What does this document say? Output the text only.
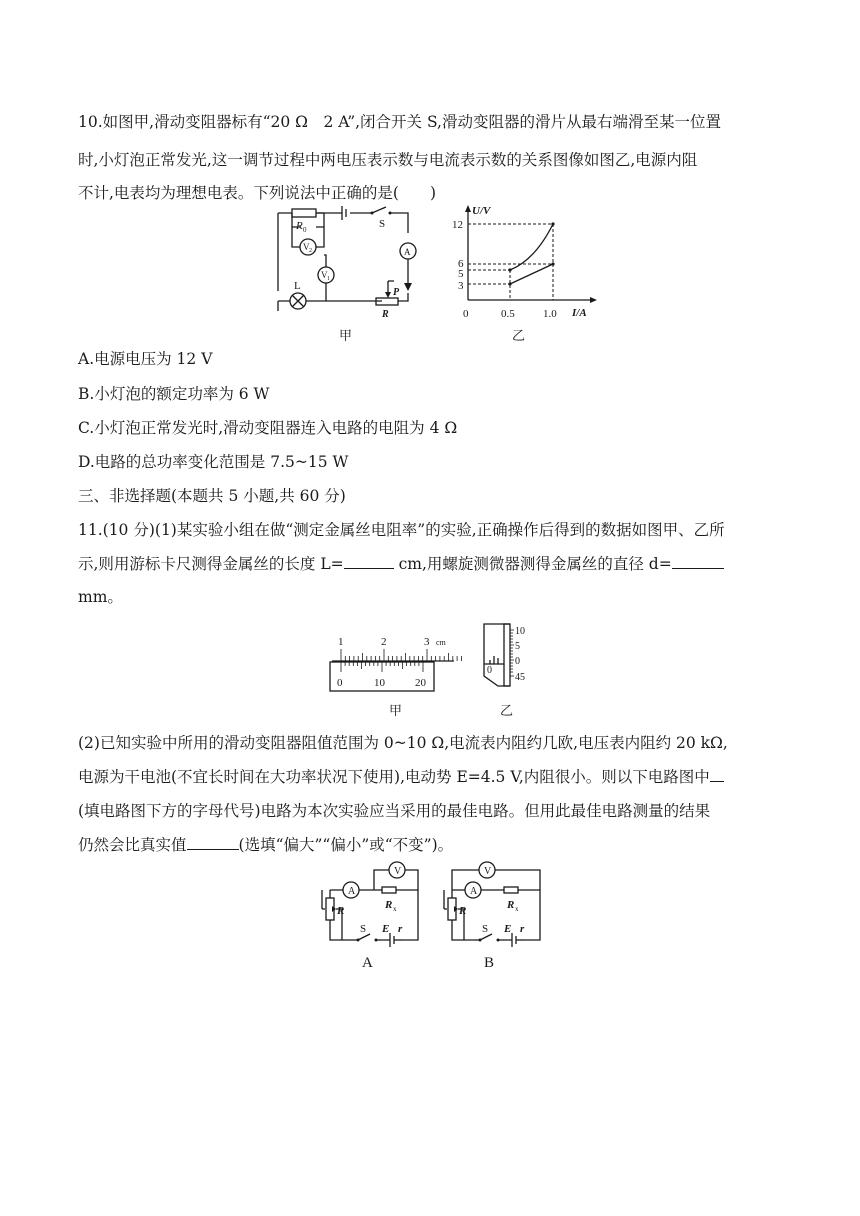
10.如图甲,滑动变阻器标有“20 Ω　2 A”,闭合开关 S,滑动变阻器的滑片从最右端滑至某一位置
时,小灯泡正常发光,这一调节过程中两电压表示数与电流表示数的关系图像如图乙,电源内阻
不计,电表均为理想电表。下列说法中正确的是(　　)
R 0	S
A
V 2
V 1
L
P
R
甲
U/V
I/A
0
12
6
5
3
0.5	1.0
乙
A.电源电压为 12 V
B.小灯泡的额定功率为 6 W
C.小灯泡正常发光时,滑动变阻器连入电路的电阻为 4 Ω
D.电路的总功率变化范围是 7.5~15 W
三、非选择题(本题共 5 小题,共 60 分)
11.(10 分)(1)某实验小组在做“测定金属丝电阻率”的实验,正确操作后得到的数据如图甲、乙所
示,则用游标卡尺测得金属丝的长度 L=	cm,用螺旋测微器测得金属丝的直径 d=
mm。
1	2	3 cm
0	10	20
甲
10
5
0
45
0
乙
(2)已知实验中所用的滑动变阻器阻值范围为 0~10 Ω,电流表内阻约几欧,电压表内阻约 20 kΩ,
电源为干电池(不宜长时间在大功率状况下使用),电动势 E=4.5 V,内阻很小。则以下电路图中
(填电路图下方的字母代号)电路为本次实验应当采用的最佳电路。但用此最佳电路测量的结果
仍然会比真实值	(选填“偏大”“偏小”或“不变”)。
V
A
R	R x
S E r
A
V
A
R	R x
S E r
B
